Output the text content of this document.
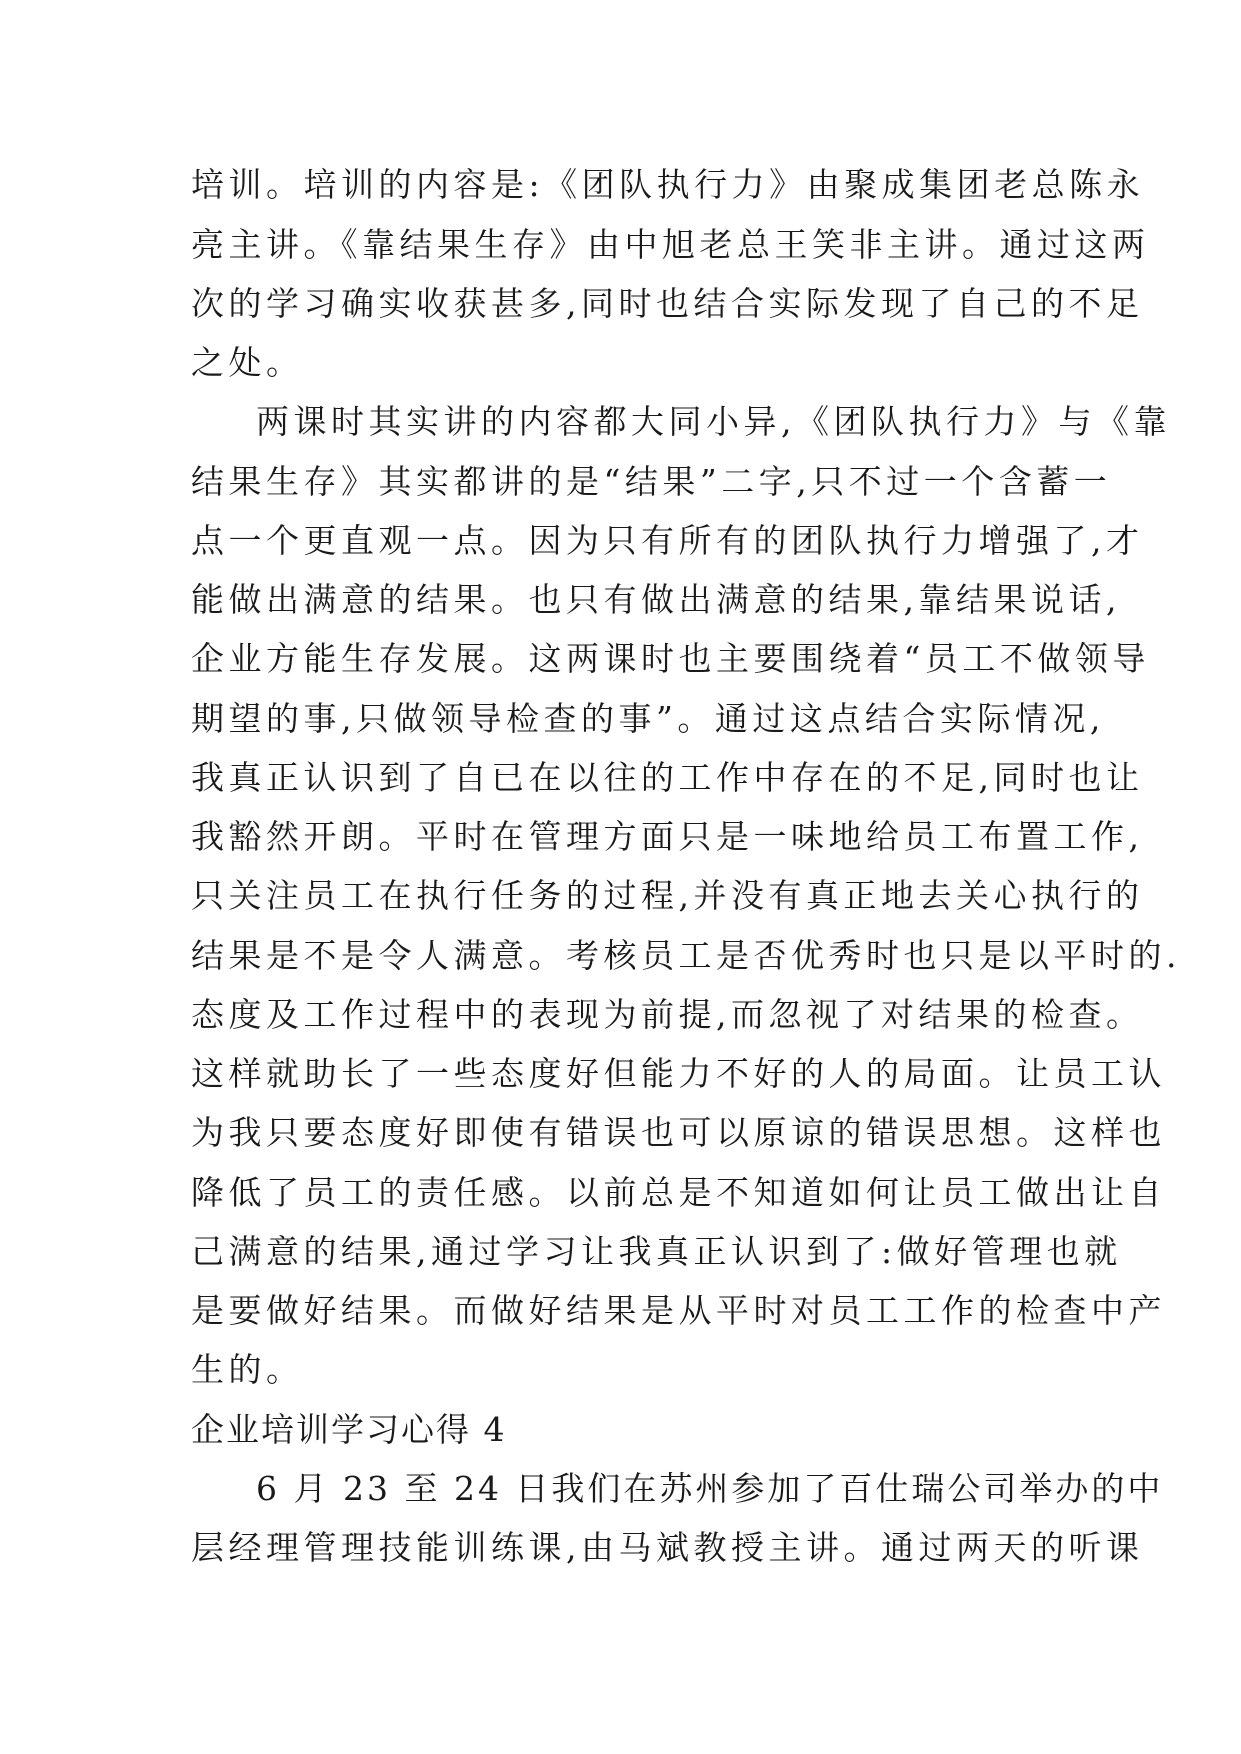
培训。培训的内容是:《团队执行力》由聚成集团老总陈永
亮主讲。《靠结果生存》由中旭老总王笑非主讲。通过这两
次的学习确实收获甚多,同时也结合实际发现了自己的不足
之处。
两课时其实讲的内容都大同小异,《团队执行力》与《靠
结果生存》其实都讲的是“结果”二字,只不过一个含蓄一
点一个更直观一点。因为只有所有的团队执行力增强了,才
能做出满意的结果。也只有做出满意的结果,靠结果说话,
企业方能生存发展。这两课时也主要围绕着“员工不做领导
期望的事,只做领导检查的事”。通过这点结合实际情况,
我真正认识到了自已在以往的工作中存在的不足,同时也让
我豁然开朗。平时在管理方面只是一味地给员工布置工作,
只关注员工在执行任务的过程,并没有真正地去关心执行的
结果是不是令人满意。考核员工是否优秀时也只是以平时的.
态度及工作过程中的表现为前提,而忽视了对结果的检查。
这样就助长了一些态度好但能力不好的人的局面。让员工认
为我只要态度好即使有错误也可以原谅的错误思想。这样也
降低了员工的责任感。以前总是不知道如何让员工做出让自
己满意的结果,通过学习让我真正认识到了:做好管理也就
是要做好结果。而做好结果是从平时对员工工作的检查中产
生的。
企业培训学习心得 4
6 月 23 至 24 日我们在苏州参加了百仕瑞公司举办的中
层经理管理技能训练课,由马斌教授主讲。通过两天的听课
